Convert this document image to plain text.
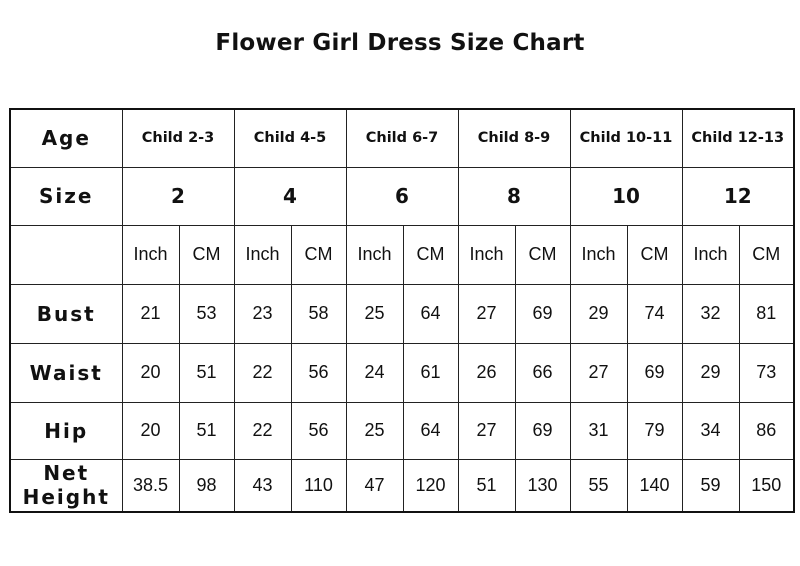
Flower Girl Dress Size Chart
Age	Child 2-3		Child 4-5		Child 6-7		Child 8-9		Child 10-11		Child 12-13	
Size	2		4		6		8		10		12	
	Inch	CM	Inch	CM	Inch	CM	Inch	CM	Inch	CM	Inch	CM
Bust	21	53	23	58	25	64	27	69	29	74	32	81
Waist	20	51	22	56	24	61	26	66	27	69	29	73
Hip	20	51	22	56	25	64	27	69	31	79	34	86

Net
Height	38.5	98	43	110	47	120	51	130	55	140	59	150
